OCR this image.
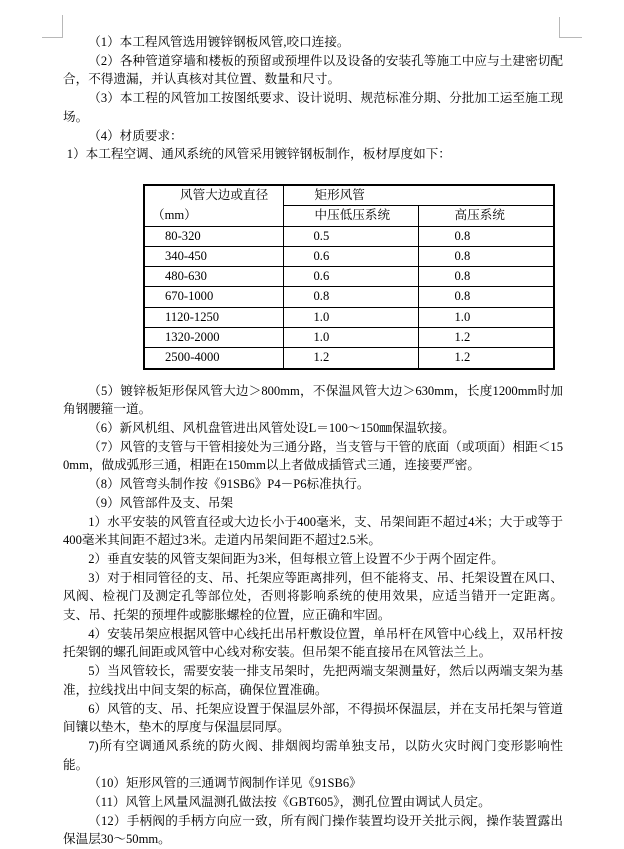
（1）本工程风管选用镀锌钢板风管,咬口连接。

（2）各种管道穿墙和楼板的预留或预埋件以及设备的安装孔等施工中应与土建密切配合，不得遗漏，并认真核对其位置、数量和尺寸。

（3）本工程的风管加工按图纸要求、设计说明、规范标准分期、分批加工运至施工现场。

（4）材质要求：

1）本工程空调、通风系统的风管采用镀锌钢板制作，板材厚度如下：

风管大边或直径
（mm）	矩形风管	
	中压低压系统	高压系统
80-320	0.5	0.8
340-450	0.6	0.8
480-630	0.6	0.8
670-1000	0.8	0.8
1120-1250	1.0	1.0
1320-2000	1.0	1.2
2500-4000	1.2	1.2

（5）镀锌板矩形保风管大边＞800mm，不保温风管大边＞630mm，长度1200mm时加角钢腰箍一道。

（6）新风机组、风机盘管进出风管处设L＝100～150㎜保温软接。

（7）风管的支管与干管相接处为三通分路，当支管与干管的底面（或项面）相距＜150mm，做成弧形三通，相距在150mm以上者做成插管式三通，连接要严密。

（8）风管弯头制作按《91SB6》P4－P6标准执行。

（9）风管部件及支、吊架

1）水平安装的风管直径或大边长小于400毫米，支、吊架间距不超过4米；大于或等于400毫米其间距不超过3米。走道内吊架间距不超过2.5米。

2）垂直安装的风管支架间距为3米，但每根立管上设置不少于两个固定件。

3）对于相同管径的支、吊、托架应等距离排列，但不能将支、吊、托架设置在风口、风阀、检视门及测定孔等部位处，否则将影响系统的使用效果，应适当错开一定距离。支、吊、托架的预埋件或膨胀螺栓的位置，应正确和牢固。

4）安装吊架应根据风管中心线托出吊杆敷设位置，单吊杆在风管中心线上，双吊杆按托架钢的螺孔间距或风管中心线对称安装。但吊架不能直接吊在风管法兰上。

5）当风管较长，需要安装一排支吊架时，先把两端支架测量好，然后以两端支架为基准，拉线找出中间支架的标高，确保位置准确。

6）风管的支、吊、托架应设置于保温层外部，不得损坏保温层，并在支吊托架与管道间镶以垫木，垫木的厚度与保温层同厚。

7)所有空调通风系统的防火阀、排烟阀均需单独支吊，以防火灾时阀门变形影响性能。

（10）矩形风管的三通调节阀制作详见《91SB6》

（11）风管上风量风温测孔做法按《GBT605》，测孔位置由调试人员定。

（12）手柄阀的手柄方向应一致，所有阀门操作装置均设开关批示阀，操作装置露出保温层30～50mm。
